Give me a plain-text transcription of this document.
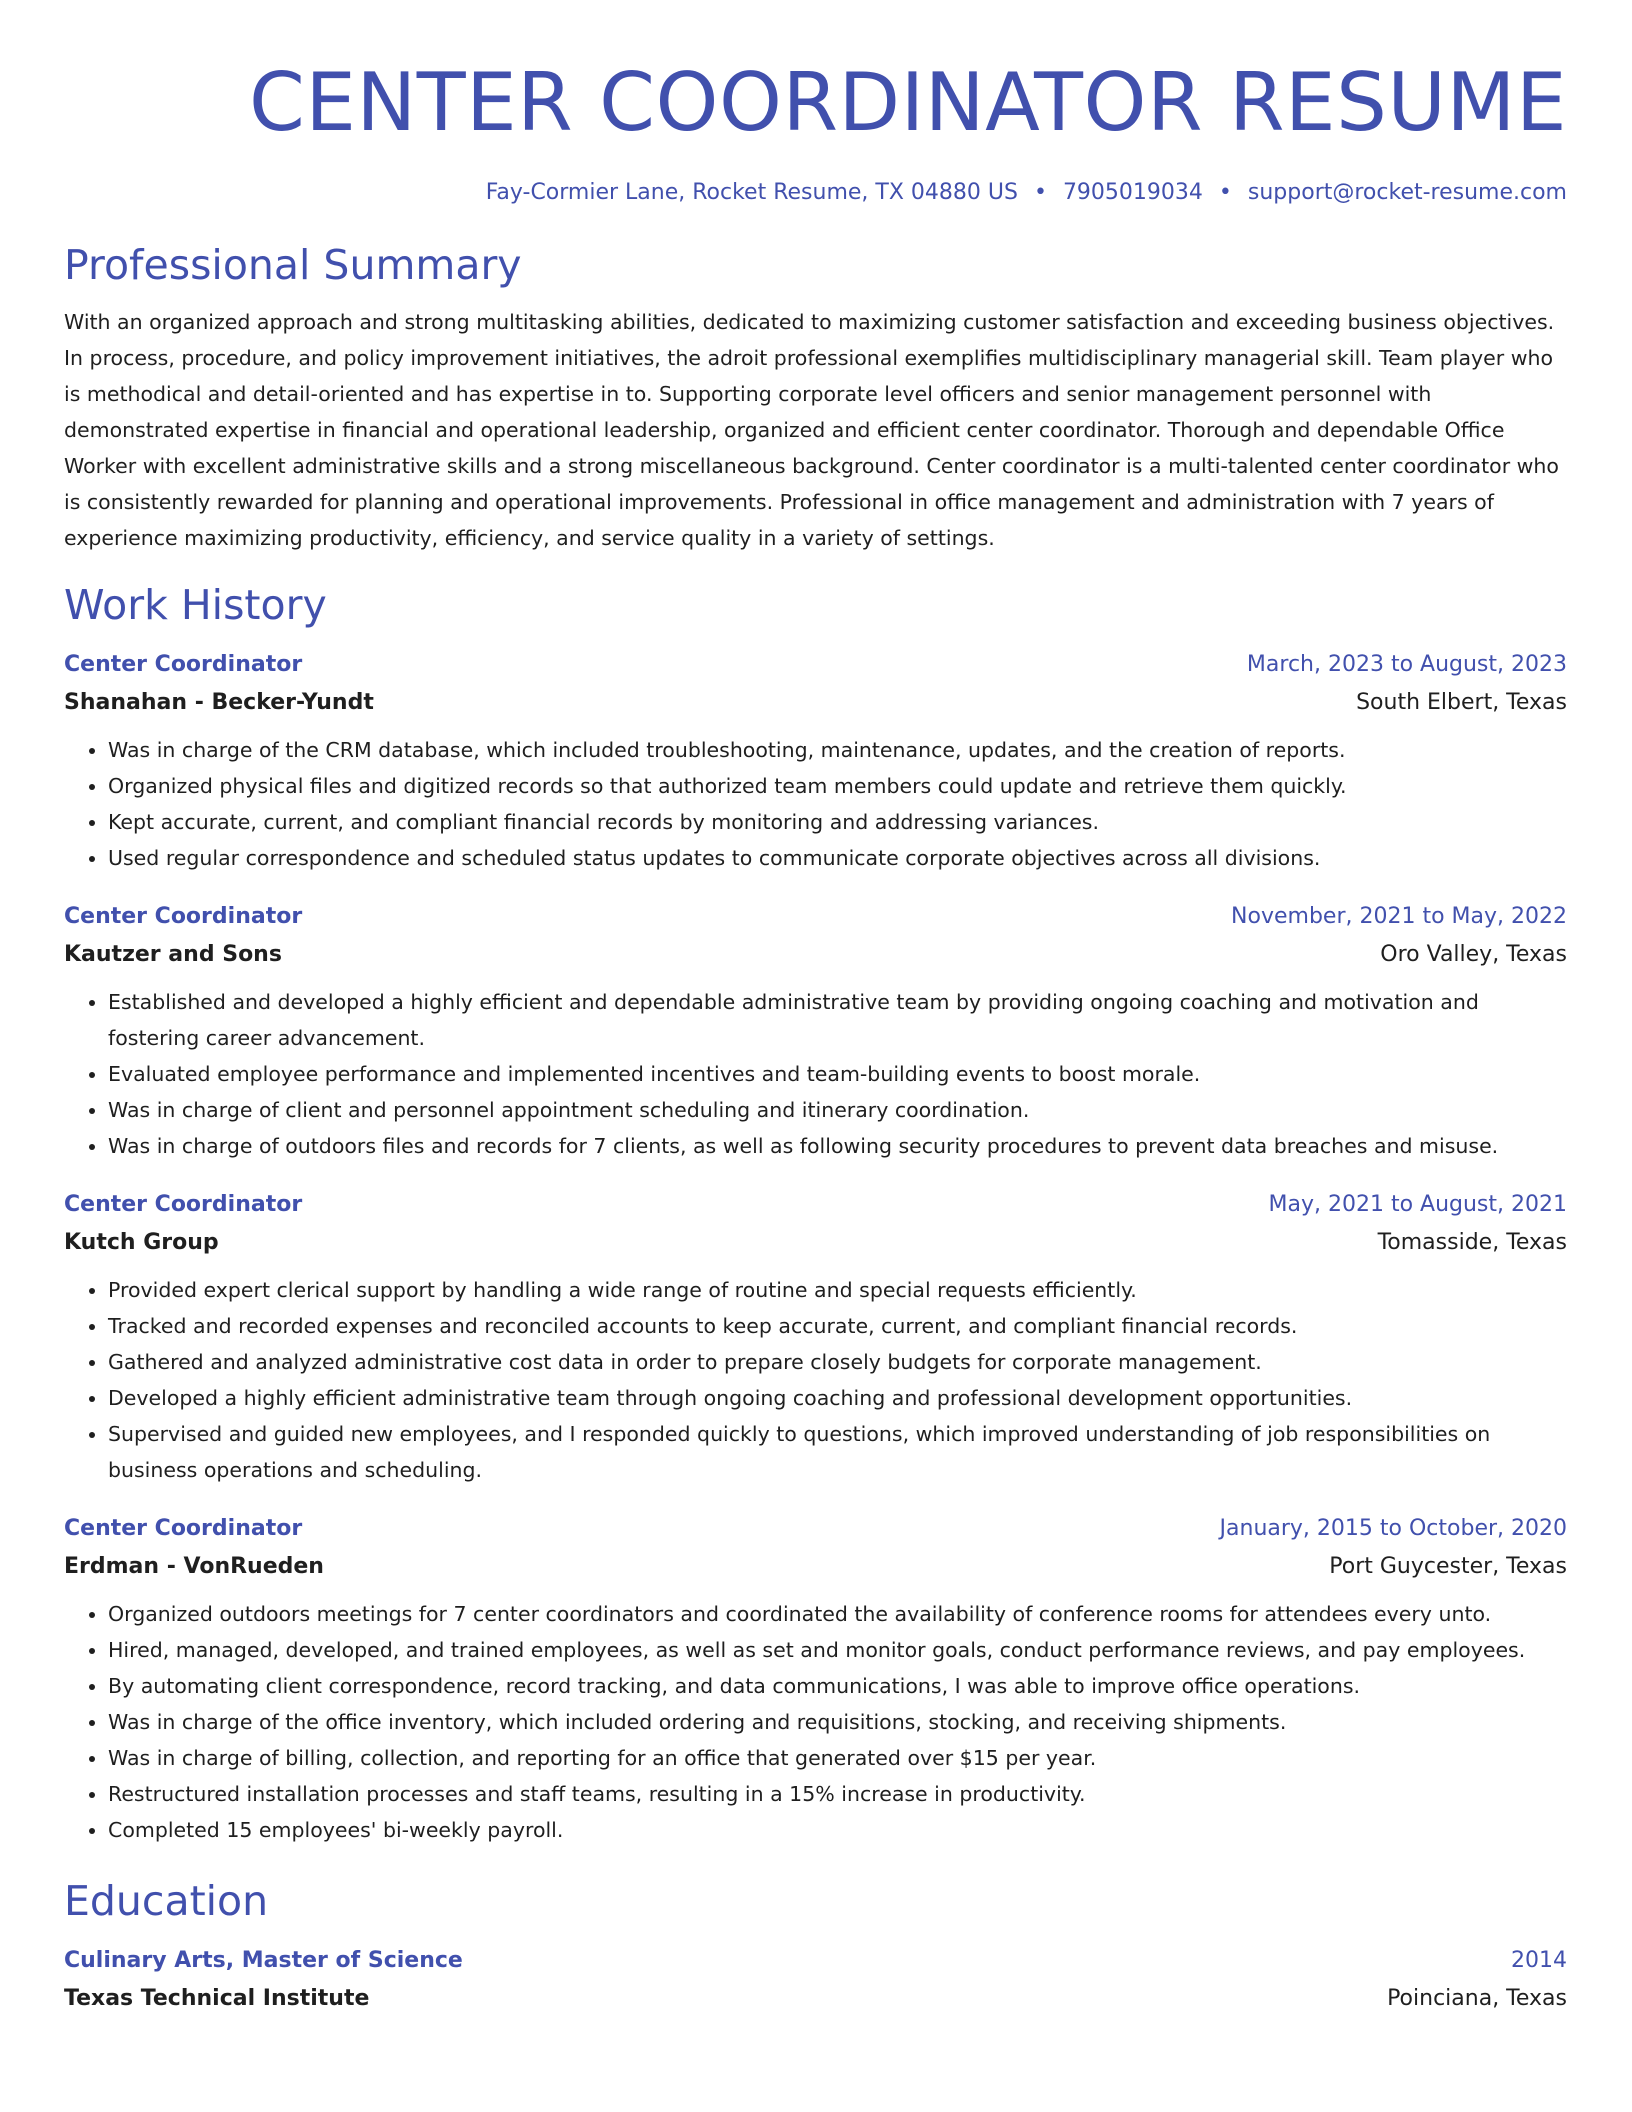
CENTER COORDINATOR RESUME
Fay-Cormier Lane, Rocket Resume, TX 04880 US • 7905019034 • support@rocket-resume.com
Professional Summary

With an organized approach and strong multitasking abilities, dedicated to maximizing customer satisfaction and exceeding business objectives. In process, procedure, and policy improvement initiatives, the adroit professional exemplifies multidisciplinary managerial skill. Team player who is methodical and detail-oriented and has expertise in to. Supporting corporate level officers and senior management personnel with demonstrated expertise in financial and operational leadership, organized and efficient center coordinator. Thorough and dependable Office Worker with excellent administrative skills and a strong miscellaneous background. Center coordinator is a multi-talented center coordinator who is consistently rewarded for planning and operational improvements. Professional in office management and administration with 7 years of experience maximizing productivity, efficiency, and service quality in a variety of settings.

Work History
Center Coordinator	March, 2023 to August, 2023
Shanahan - Becker-Yundt	South Elbert, Texas
• Was in charge of the CRM database, which included troubleshooting, maintenance, updates, and the creation of reports.
• Organized physical files and digitized records so that authorized team members could update and retrieve them quickly.
• Kept accurate, current, and compliant financial records by monitoring and addressing variances.
• Used regular correspondence and scheduled status updates to communicate corporate objectives across all divisions.
Center Coordinator	November, 2021 to May, 2022
Kautzer and Sons	Oro Valley, Texas
• Established and developed a highly efficient and dependable administrative team by providing ongoing coaching and motivation and fostering career advancement.
• Evaluated employee performance and implemented incentives and team-building events to boost morale.
• Was in charge of client and personnel appointment scheduling and itinerary coordination.
• Was in charge of outdoors files and records for 7 clients, as well as following security procedures to prevent data breaches and misuse.
Center Coordinator	May, 2021 to August, 2021
Kutch Group	Tomasside, Texas
• Provided expert clerical support by handling a wide range of routine and special requests efficiently.
• Tracked and recorded expenses and reconciled accounts to keep accurate, current, and compliant financial records.
• Gathered and analyzed administrative cost data in order to prepare closely budgets for corporate management.
• Developed a highly efficient administrative team through ongoing coaching and professional development opportunities.
• Supervised and guided new employees, and I responded quickly to questions, which improved understanding of job responsibilities on business operations and scheduling.
Center Coordinator	January, 2015 to October, 2020
Erdman - VonRueden	Port Guycester, Texas
• Organized outdoors meetings for 7 center coordinators and coordinated the availability of conference rooms for attendees every unto.
• Hired, managed, developed, and trained employees, as well as set and monitor goals, conduct performance reviews, and pay employees.
• By automating client correspondence, record tracking, and data communications, I was able to improve office operations.
• Was in charge of the office inventory, which included ordering and requisitions, stocking, and receiving shipments.
• Was in charge of billing, collection, and reporting for an office that generated over $15 per year.
• Restructured installation processes and staff teams, resulting in a 15% increase in productivity.
• Completed 15 employees' bi-weekly payroll.
Education
Culinary Arts, Master of Science	2014
Texas Technical Institute	Poinciana, Texas
